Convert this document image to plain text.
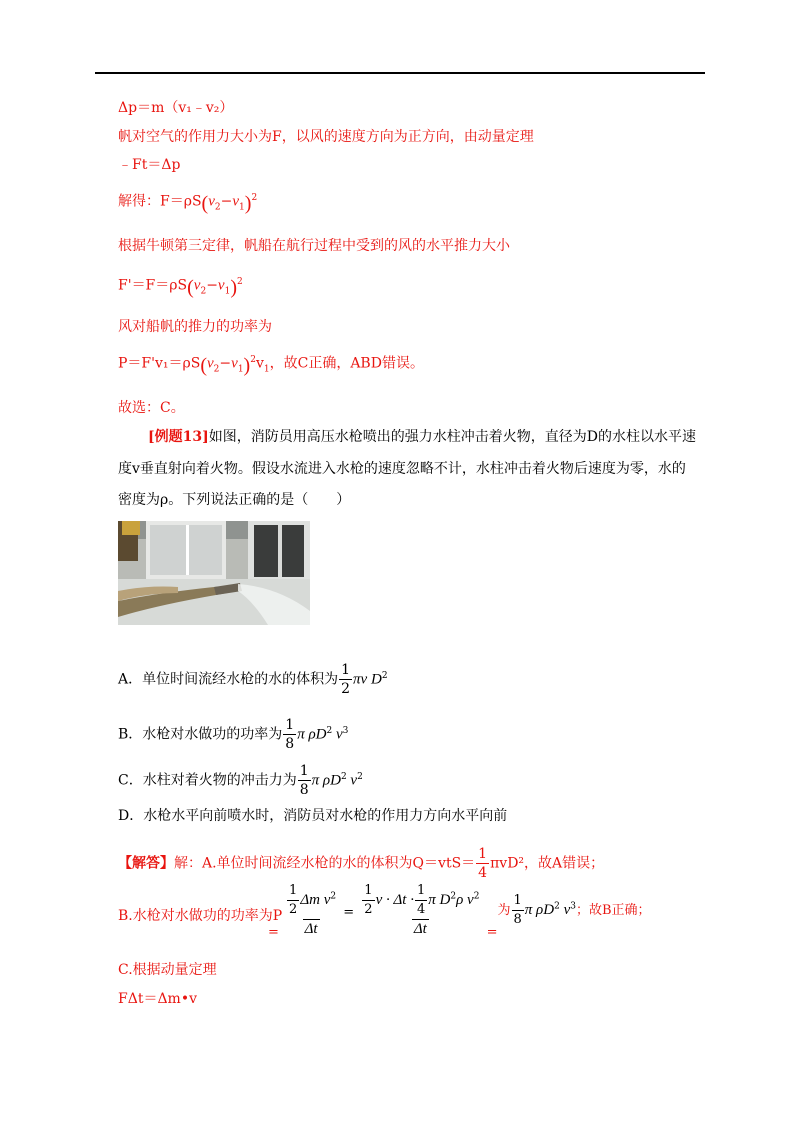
Δp＝m（v₁﹣v₂）
帆对空气的作用力大小为F，以风的速度方向为正方向，由动量定理
﹣Ft＝Δp
解得：$F=\rho S(v_2-v_1)^2$
根据牛顿第三定律，帆船在航行过程中受到的风的水平推力大小
$F'=F=\rho S(v_2-v_1)^2$
风对船帆的推力的功率为
$P=F'v_1=\rho S(v_2-v_1)^2v_1$，故C正确，ABD错误。
故选：C。
[例题13]如图，消防员用高压水枪喷出的强力水柱冲击着火物，直径为D的水柱以水平速
度v垂直射向着火物。假设水流进入水枪的速度忽略不计，水柱冲击着火物后速度为零，水的
密度为ρ。下列说法正确的是（　　）
A．单位时间流经水枪的水的体积为 $\frac{1}{2}$ πv $D^2$
B．水枪对水做功的功率为 $\frac{1}{8}$ π $\rho D^2$ $v^3$
C．水柱对着火物的冲击力为 $\frac{1}{8}$ π $\rho D^2$ $v^2$
D．水枪水平向前喷水时，消防员对水枪的作用力方向水平向前
【解答】解：A.单位时间流经水枪的水的体积为$Q=vtS= \frac{1}{4} \pi vD^2$，故A错误；
B.水枪对水做功的功率为P
= $\frac{\frac{1}{2} \Delta m v^2}{\Delta t} = \frac{\frac{1}{2} v \cdot \Delta t \cdot \frac{1}{4} \pi D^2\rho v^2}{\Delta t}$ =为 $\frac{1}{8}$ π $\rho D^2$ $v^3$；故B正确；
C.根据动量定理
FΔt＝Δm•v
